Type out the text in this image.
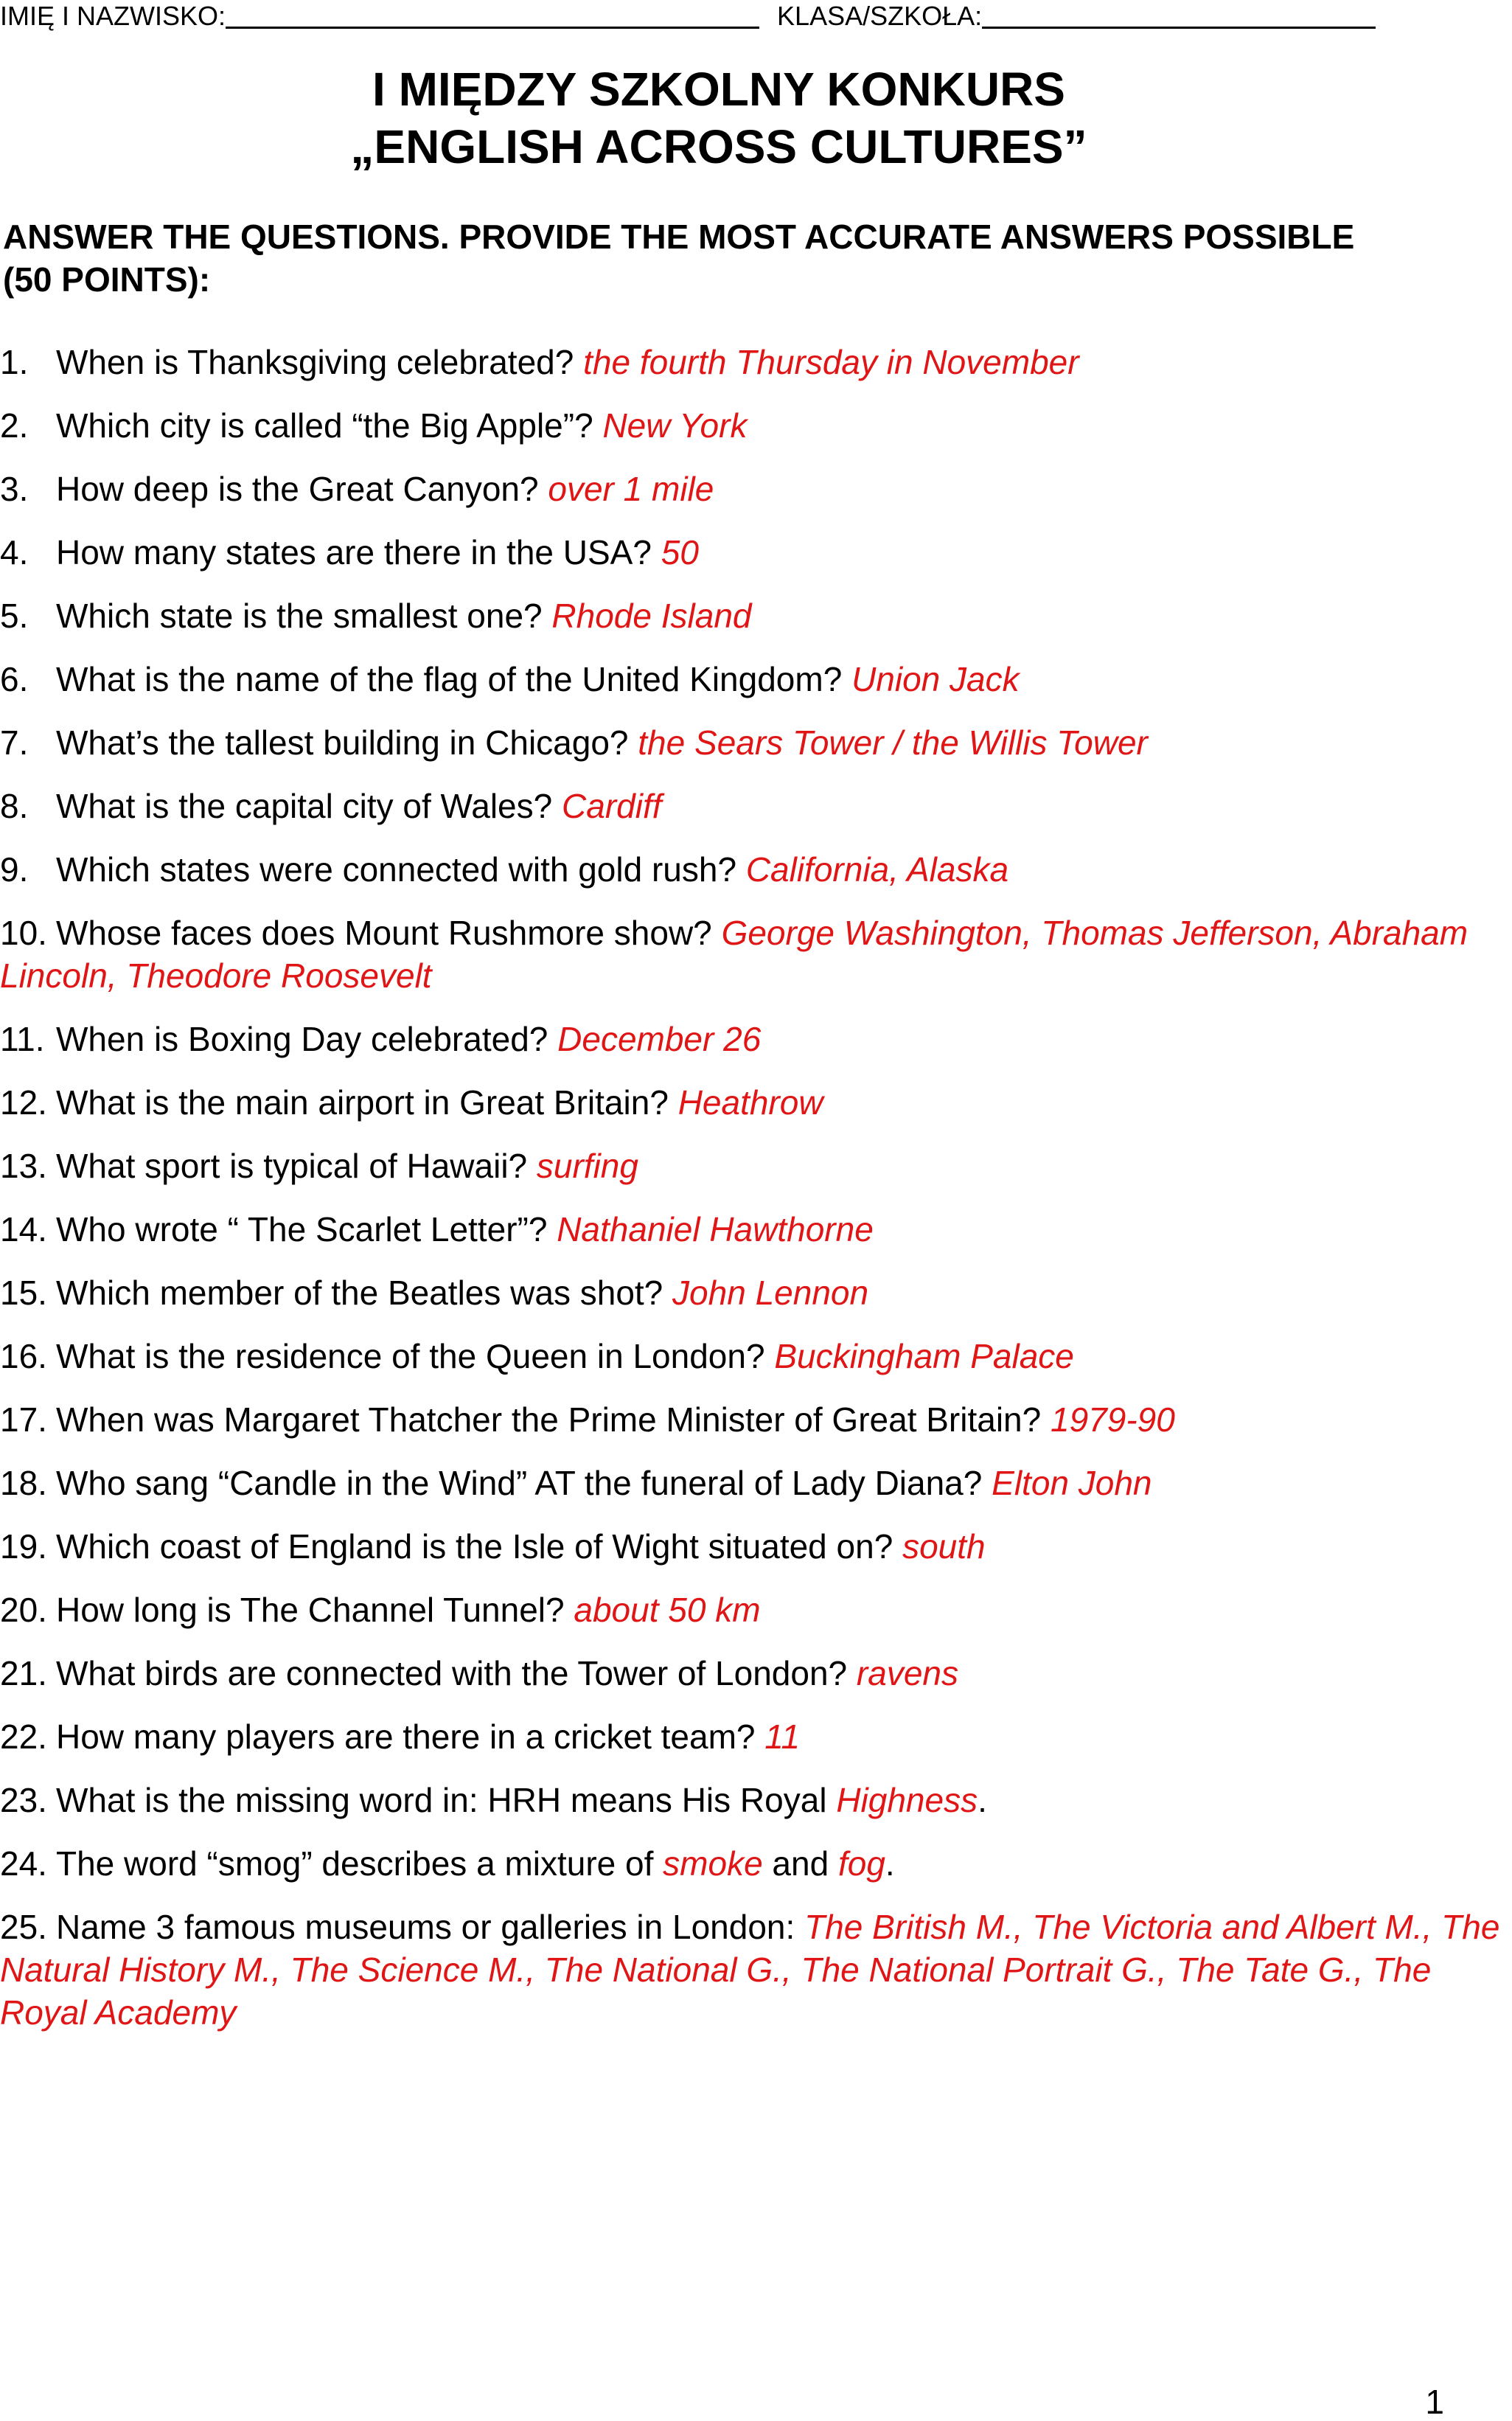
IMIĘ I NAZWISKO:	KLASA/SZKOŁA:
I MIĘDZY SZKOLNY KONKURS
„ENGLISH ACROSS CULTURES”
ANSWER THE QUESTIONS. PROVIDE THE MOST ACCURATE ANSWERS POSSIBLE (50 POINTS):
1. When is Thanksgiving celebrated? the fourth Thursday in November
2. Which city is called “the Big Apple”? New York
3. How deep is the Great Canyon? over 1 mile
4. How many states are there in the USA? 50
5. Which state is the smallest one? Rhode Island
6. What is the name of the flag of the United Kingdom? Union Jack
7. What’s the tallest building in Chicago? the Sears Tower / the Willis Tower
8. What is the capital city of Wales? Cardiff
9. Which states were connected with gold rush? California, Alaska
10. Whose faces does Mount Rushmore show? George Washington, Thomas Jefferson, Abraham Lincoln, Theodore Roosevelt
11. When is Boxing Day celebrated? December 26
12. What is the main airport in Great Britain? Heathrow
13. What sport is typical of Hawaii? surfing
14. Who wrote “ The Scarlet Letter”? Nathaniel Hawthorne
15. Which member of the Beatles was shot? John Lennon
16. What is the residence of the Queen in London? Buckingham Palace
17. When was Margaret Thatcher the Prime Minister of Great Britain? 1979-90
18. Who sang “Candle in the Wind” AT the funeral of Lady Diana? Elton John
19. Which coast of England is the Isle of Wight situated on? south
20. How long is The Channel Tunnel? about 50 km
21. What birds are connected with the Tower of London? ravens
22. How many players are there in a cricket team? 11
23. What is the missing word in: HRH means His Royal Highness.
24. The word “smog” describes a mixture of smoke and fog.
25. Name 3 famous museums or galleries in London: The British M., The Victoria and Albert M., The Natural History M., The Science M., The National G., The National Portrait G., The Tate G., The Royal Academy
1
